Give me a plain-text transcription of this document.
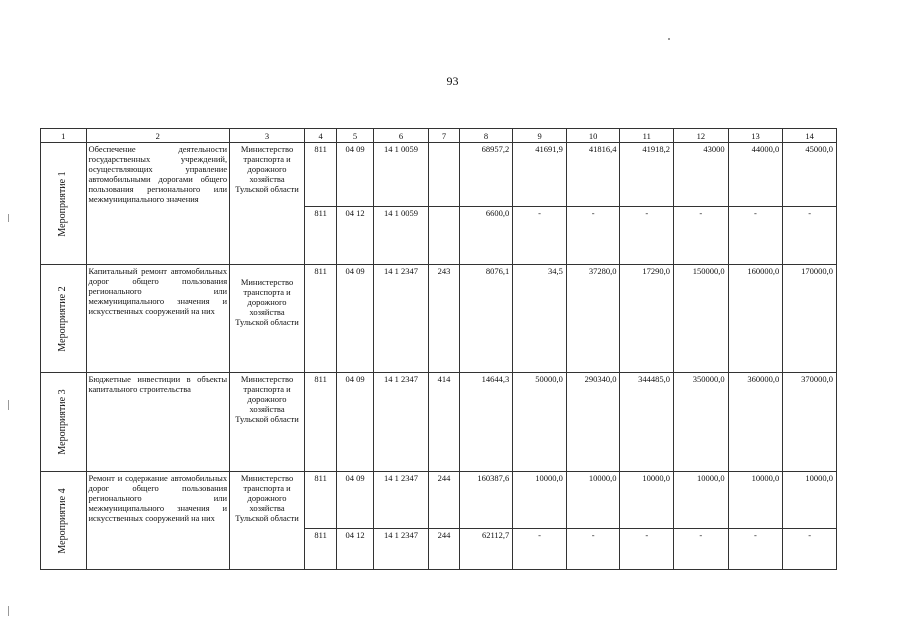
93
1	2	3	4	5	6	7	8	9	10	11	12	13	14

Мероприятие 1	Обеспечение деятельности государственных учреждений, осуществляющих управление автомобильными дорогами общего пользования регионального или межмуниципального значения	Министерство транспорта и дорожного хозяйства Тульской области	811	04 09	14 1 0059		68957,2	41691,9	41816,4	41918,2	43000	44000,0	45000,0
			811	04 12	14 1 0059		6600,0	-	-	-	-	-	-

Мероприятие 2	Капитальный ремонт автомобильных дорог общего пользования регионального или межмуниципального значения и искусственных сооружений на них	Министерство транспорта и дорожного хозяйства Тульской области	811	04 09	14 1 2347	243	8076,1	34,5	37280,0	17290,0	150000,0	160000,0	170000,0

Мероприятие 3	Бюджетные инвестиции в объекты капитального строительства	Министерство транспорта и дорожного хозяйства Тульской области	811	04 09	14 1 2347	414	14644,3	50000,0	290340,0	344485,0	350000,0	360000,0	370000,0

Мероприятие 4	Ремонт и содержание автомобильных дорог общего пользования регионального или межмуниципального значения и искусственных сооружений на них	Министерство транспорта и дорожного хозяйства Тульской области	811	04 09	14 1 2347	244	160387,6	10000,0	10000,0	10000,0	10000,0	10000,0	10000,0
			811	04 12	14 1 2347	244	62112,7	-	-	-	-	-	-
